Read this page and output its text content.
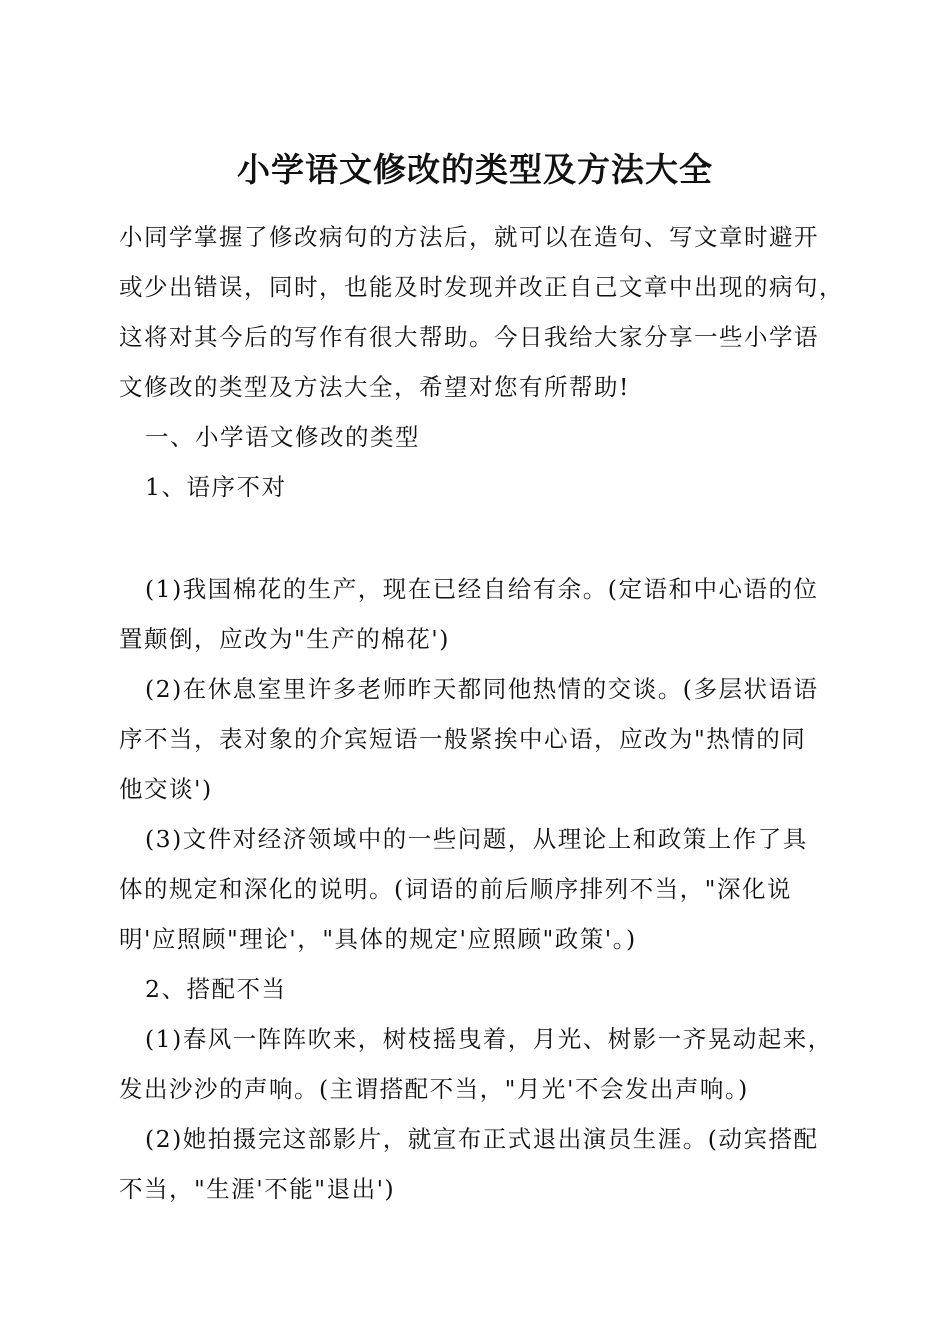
小学语文修改的类型及方法大全
小同学掌握了修改病句的方法后，就可以在造句、写文章时避开
或少出错误，同时，也能及时发现并改正自己文章中出现的病句，
这将对其今后的写作有很大帮助。今日我给大家分享一些小学语
文修改的类型及方法大全，希望对您有所帮助!
一、小学语文修改的类型
1、语序不对
(1)我国棉花的生产，现在已经自给有余。(定语和中心语的位
置颠倒，应改为"生产的棉花')
(2)在休息室里许多老师昨天都同他热情的交谈。(多层状语语
序不当，表对象的介宾短语一般紧挨中心语，应改为"热情的同
他交谈')
(3)文件对经济领域中的一些问题，从理论上和政策上作了具
体的规定和深化的说明。(词语的前后顺序排列不当，"深化说
明'应照顾"理论'，"具体的规定'应照顾"政策'。)
2、搭配不当
(1)春风一阵阵吹来，树枝摇曳着，月光、树影一齐晃动起来，
发出沙沙的声响。(主谓搭配不当，"月光'不会发出声响。)
(2)她拍摄完这部影片，就宣布正式退出演员生涯。(动宾搭配
不当，"生涯'不能"退出')
